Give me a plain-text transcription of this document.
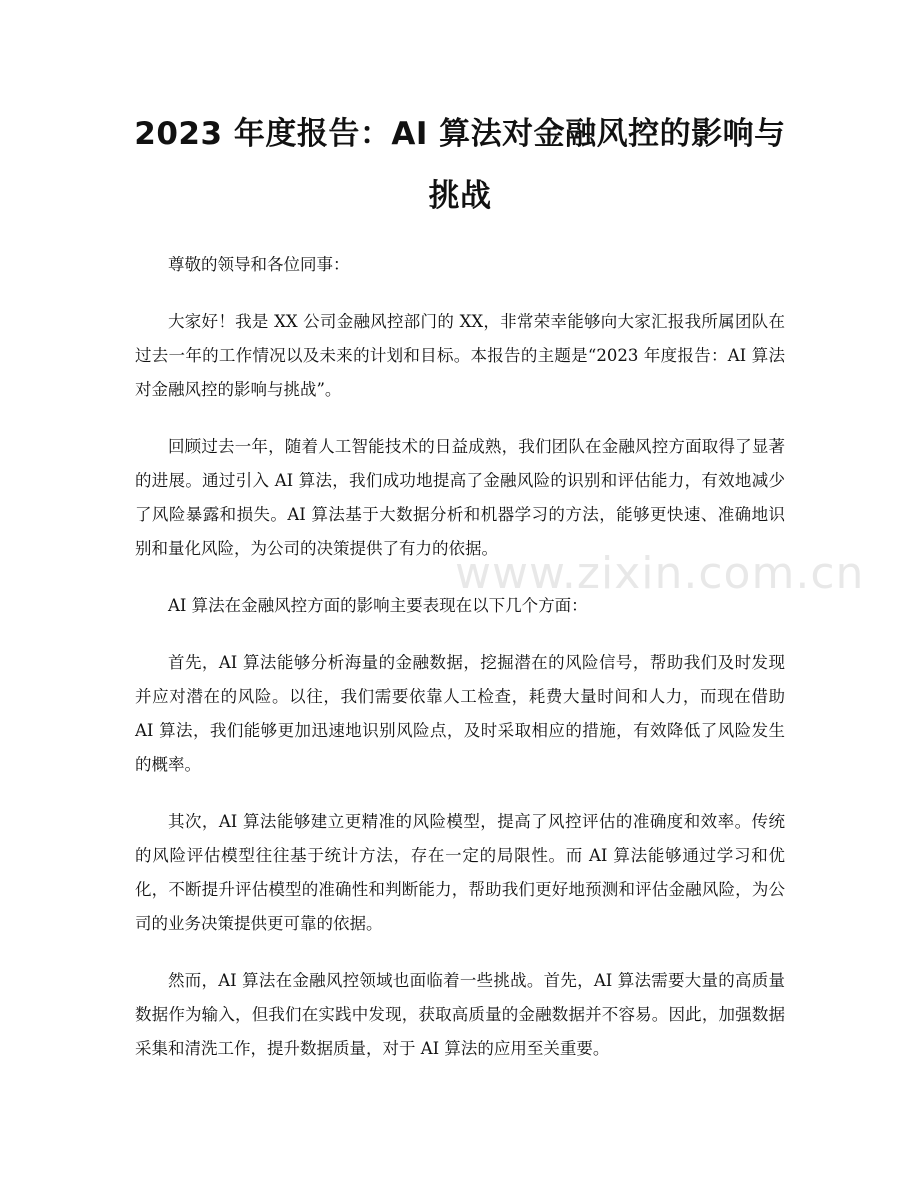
2023 年度报告：AI 算法对金融风控的影响与挑战

尊敬的领导和各位同事：

大家好！我是 XX 公司金融风控部门的 XX，非常荣幸能够向大家汇报我所属团队在过去一年的工作情况以及未来的计划和目标。本报告的主题是“2023 年度报告：AI 算法对金融风控的影响与挑战”。

回顾过去一年，随着人工智能技术的日益成熟，我们团队在金融风控方面取得了显著的进展。通过引入 AI 算法，我们成功地提高了金融风险的识别和评估能力，有效地减少了风险暴露和损失。AI 算法基于大数据分析和机器学习的方法，能够更快速、准确地识别和量化风险，为公司的决策提供了有力的依据。

AI 算法在金融风控方面的影响主要表现在以下几个方面：

首先，AI 算法能够分析海量的金融数据，挖掘潜在的风险信号，帮助我们及时发现并应对潜在的风险。以往，我们需要依靠人工检查，耗费大量时间和人力，而现在借助 AI 算法，我们能够更加迅速地识别风险点，及时采取相应的措施，有效降低了风险发生的概率。

其次，AI 算法能够建立更精准的风险模型，提高了风控评估的准确度和效率。传统的风险评估模型往往基于统计方法，存在一定的局限性。而 AI 算法能够通过学习和优化，不断提升评估模型的准确性和判断能力，帮助我们更好地预测和评估金融风险，为公司的业务决策提供更可靠的依据。

然而，AI 算法在金融风控领域也面临着一些挑战。首先，AI 算法需要大量的高质量数据作为输入，但我们在实践中发现，获取高质量的金融数据并不容易。因此，加强数据采集和清洗工作，提升数据质量，对于 AI 算法的应用至关重要。

www.zixin.com.cn
